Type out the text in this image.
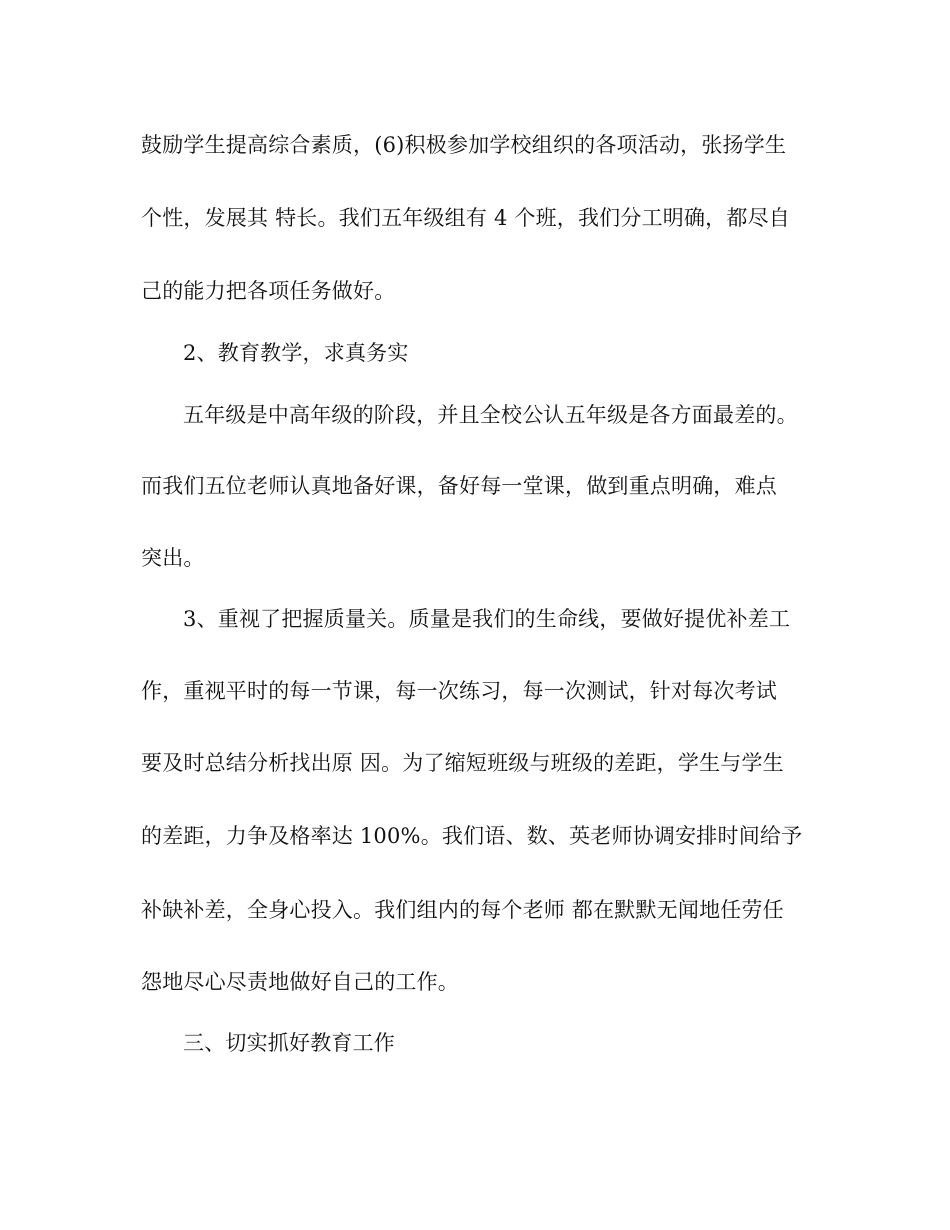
鼓励学生提高综合素质，(6)积极参加学校组织的各项活动，张扬学生
个性，发展其 特长。我们五年级组有 4 个班，我们分工明确，都尽自
己的能力把各项任务做好。
2、教育教学，求真务实
五年级是中高年级的阶段，并且全校公认五年级是各方面最差的。
而我们五位老师认真地备好课，备好每一堂课，做到重点明确，难点
突出。
3、重视了把握质量关。质量是我们的生命线，要做好提优补差工
作，重视平时的每一节课，每一次练习，每一次测试，针对每次考试
要及时总结分析找出原 因。为了缩短班级与班级的差距，学生与学生
的差距，力争及格率达 100%。我们语、数、英老师协调安排时间给予
补缺补差，全身心投入。我们组内的每个老师 都在默默无闻地任劳任
怨地尽心尽责地做好自己的工作。
三、切实抓好教育工作
